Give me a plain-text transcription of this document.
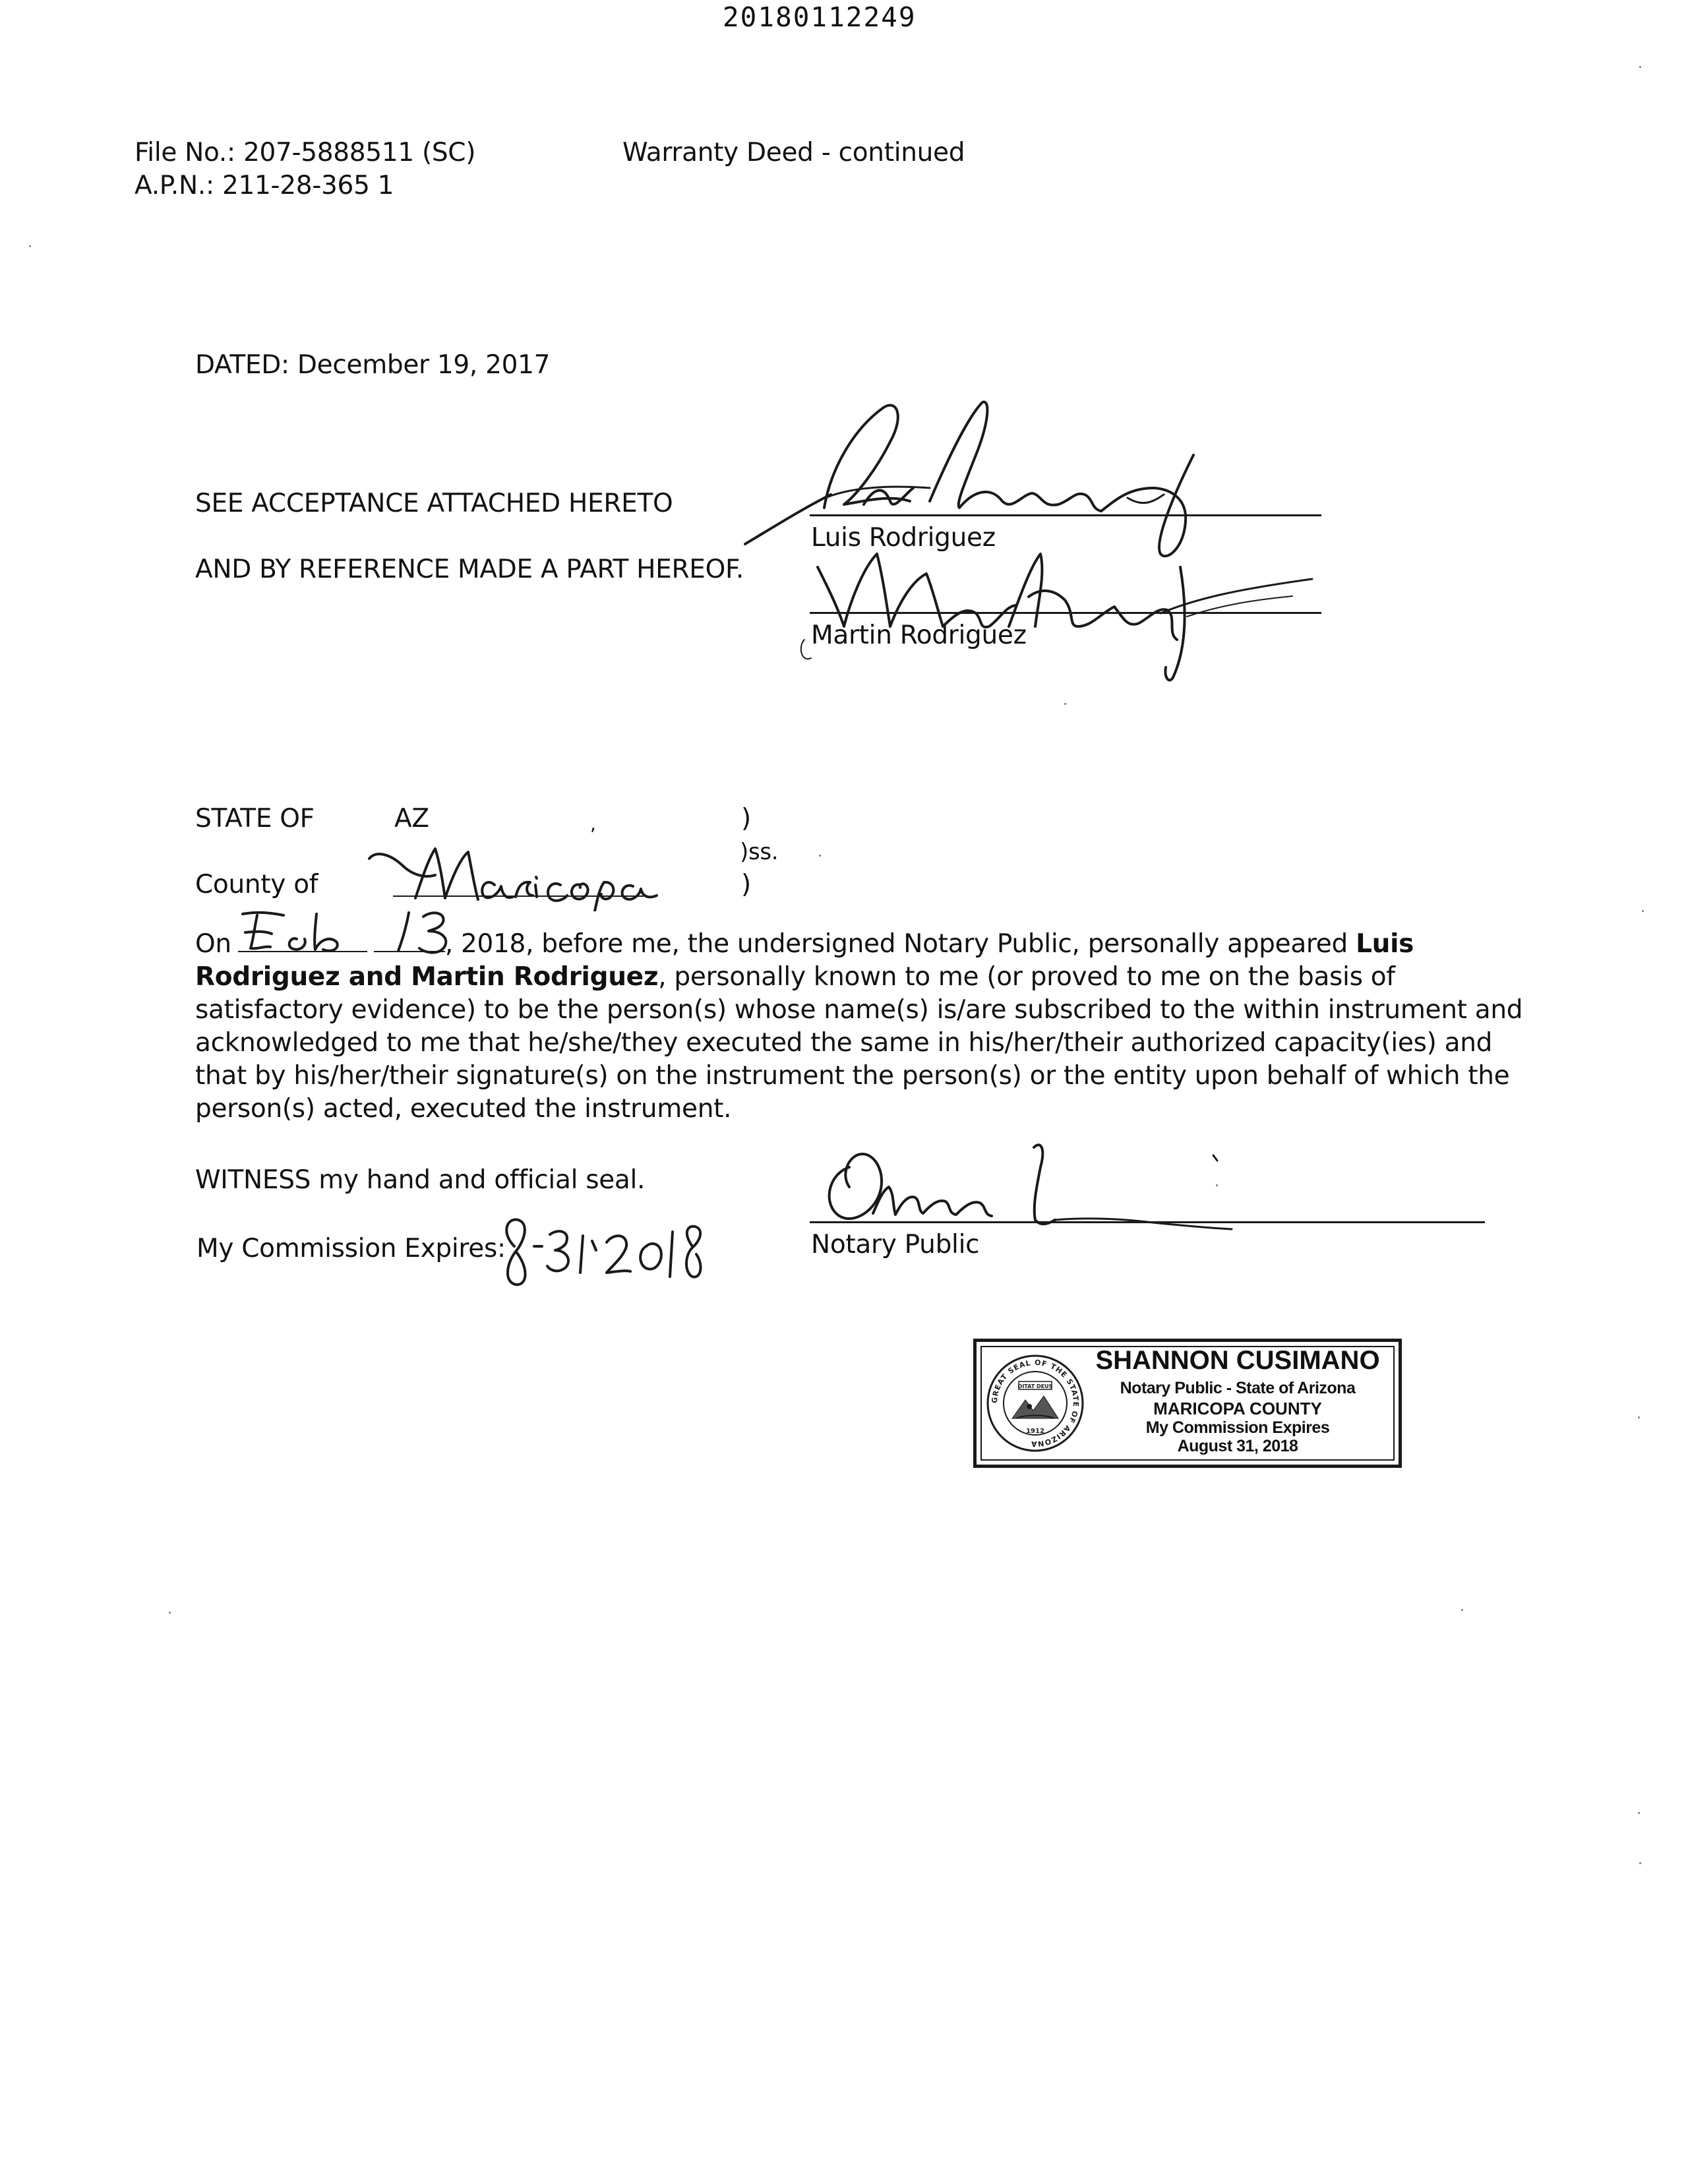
20180112249
File No.: 207-5888511 (SC)
A.P.N.: 211-28-365 1
Warranty Deed - continued
DATED: December 19, 2017
SEE ACCEPTANCE ATTACHED HERETO
AND BY REFERENCE MADE A PART HEREOF.
Luis Rodriguez
Martin Rodriguez
STATE OF	AZ	,	)
)ss.
)
County of
On	, 2018, before me, the undersigned Notary Public, personally appeared Luis
Rodriguez and Martin Rodriguez, personally known to me (or proved to me on the basis of
satisfactory evidence) to be the person(s) whose name(s) is/are subscribed to the within instrument and
acknowledged to me that he/she/they executed the same in his/her/their authorized capacity(ies) and
that by his/her/their signature(s) on the instrument the person(s) or the entity upon behalf of which the
person(s) acted, executed the instrument.
WITNESS my hand and official seal.
My Commission Expires:	Notary Public
GREAT SEAL OF THE STATE OF ARIZONA
DITAT DEUS
1912
SHANNON CUSIMANO
Notary Public - State of Arizona
MARICOPA COUNTY
My Commission Expires
August 31, 2018
